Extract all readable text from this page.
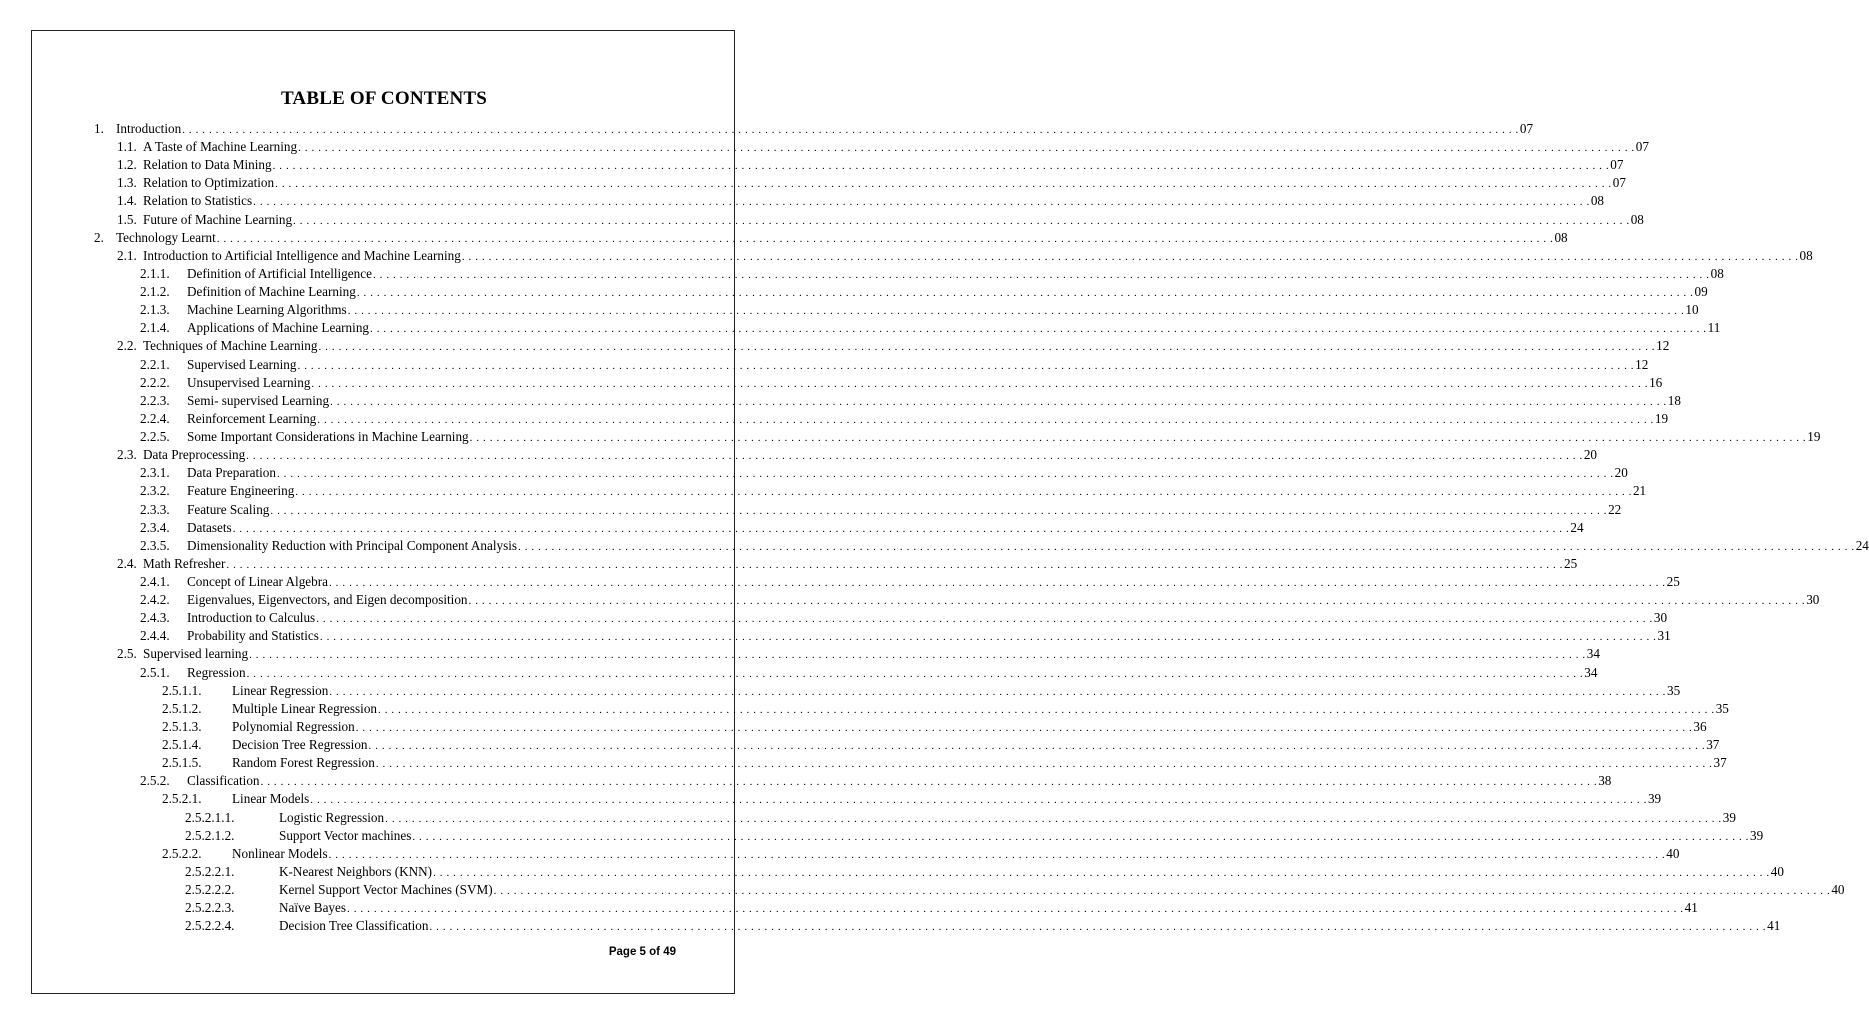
TABLE OF CONTENTS
1. Introduction . . . . . . . . . . . . . . . . . . . . . . . . . . . . . . . . . . . . . . . . . . . . . . . . . . . . . . . . . . . . . . . . . . . . . . . . . . . . . . . . . . . . . . . . . . . . . . . . . . . . . . . . . . . . . . . . . . . . . . . . . . . . . . . . . . . . . . . . . . . . . . . . . . . . . . . . . . . . . . . . . . . . . . . . . . . . . . . . . . . . . . . . . . . . . . . . . . . . . . . . 07
1.1. A Taste of Machine Learning . . . . . . . . . . . . . . . . . . . . . . . . . . . . . . . . . . . . . . . . . . . . . . . . . . . . . . . . . . . . . . . . . . . . . . . . . . . . . . . . . . . . . . . . . . . . . . . . . . . . . . . . . . . . . . . . . . . . . . . . . . . . . . . . . . . . . . . . . . . . . . . . . . . . . . . . . . . . . . . . . . . . . . . . . . . . . . . . . . . . . . . . . . . . . . . . . . . . . . . . 07
1.2. Relation to Data Mining . . . . . . . . . . . . . . . . . . . . . . . . . . . . . . . . . . . . . . . . . . . . . . . . . . . . . . . . . . . . . . . . . . . . . . . . . . . . . . . . . . . . . . . . . . . . . . . . . . . . . . . . . . . . . . . . . . . . . . . . . . . . . . . . . . . . . . . . . . . . . . . . . . . . . . . . . . . . . . . . . . . . . . . . . . . . . . . . . . . . . . . . . . . . . . . . . . . . . . . . 07
1.3. Relation to Optimization . . . . . . . . . . . . . . . . . . . . . . . . . . . . . . . . . . . . . . . . . . . . . . . . . . . . . . . . . . . . . . . . . . . . . . . . . . . . . . . . . . . . . . . . . . . . . . . . . . . . . . . . . . . . . . . . . . . . . . . . . . . . . . . . . . . . . . . . . . . . . . . . . . . . . . . . . . . . . . . . . . . . . . . . . . . . . . . . . . . . . . . . . . . . . . . . . . . . . . . . 07
1.4. Relation to Statistics . . . . . . . . . . . . . . . . . . . . . . . . . . . . . . . . . . . . . . . . . . . . . . . . . . . . . . . . . . . . . . . . . . . . . . . . . . . . . . . . . . . . . . . . . . . . . . . . . . . . . . . . . . . . . . . . . . . . . . . . . . . . . . . . . . . . . . . . . . . . . . . . . . . . . . . . . . . . . . . . . . . . . . . . . . . . . . . . . . . . . . . . . . . . . . . . . . . . . . . . 08
1.5. Future of Machine Learning . . . . . . . . . . . . . . . . . . . . . . . . . . . . . . . . . . . . . . . . . . . . . . . . . . . . . . . . . . . . . . . . . . . . . . . . . . . . . . . . . . . . . . . . . . . . . . . . . . . . . . . . . . . . . . . . . . . . . . . . . . . . . . . . . . . . . . . . . . . . . . . . . . . . . . . . . . . . . . . . . . . . . . . . . . . . . . . . . . . . . . . . . . . . . . . . . . . . . . . . 08
2. Technology Learnt . . . . . . . . . . . . . . . . . . . . . . . . . . . . . . . . . . . . . . . . . . . . . . . . . . . . . . . . . . . . . . . . . . . . . . . . . . . . . . . . . . . . . . . . . . . . . . . . . . . . . . . . . . . . . . . . . . . . . . . . . . . . . . . . . . . . . . . . . . . . . . . . . . . . . . . . . . . . . . . . . . . . . . . . . . . . . . . . . . . . . . . . . . . . . . . . . . . . . . . . 08
2.1. Introduction to Artificial Intelligence and Machine Learning . . . . . . . . . . . . . . . . . . . . . . . . . . . . . . . . . . . . . . . . . . . . . . . . . . . . . . . . . . . . . . . . . . . . . . . . . . . . . . . . . . . . . . . . . . . . . . . . . . . . . . . . . . . . . . . . . . . . . . . . . . . . . . . . . . . . . . . . . . . . . . . . . . . . . . . . . . . . . . . . . . . . . . . . . . . . . . . . . . . . . . . . . . . . . . . . . . . . . . . . 08
2.1.1. Definition of Artificial Intelligence . . . . . . . . . . . . . . . . . . . . . . . . . . . . . . . . . . . . . . . . . . . . . . . . . . . . . . . . . . . . . . . . . . . . . . . . . . . . . . . . . . . . . . . . . . . . . . . . . . . . . . . . . . . . . . . . . . . . . . . . . . . . . . . . . . . . . . . . . . . . . . . . . . . . . . . . . . . . . . . . . . . . . . . . . . . . . . . . . . . . . . . . . . . . . . . . . . . . . . . . 08
2.1.2. Definition of Machine Learning . . . . . . . . . . . . . . . . . . . . . . . . . . . . . . . . . . . . . . . . . . . . . . . . . . . . . . . . . . . . . . . . . . . . . . . . . . . . . . . . . . . . . . . . . . . . . . . . . . . . . . . . . . . . . . . . . . . . . . . . . . . . . . . . . . . . . . . . . . . . . . . . . . . . . . . . . . . . . . . . . . . . . . . . . . . . . . . . . . . . . . . . . . . . . . . . . . . . . . . . 09
2.1.3. Machine Learning Algorithms . . . . . . . . . . . . . . . . . . . . . . . . . . . . . . . . . . . . . . . . . . . . . . . . . . . . . . . . . . . . . . . . . . . . . . . . . . . . . . . . . . . . . . . . . . . . . . . . . . . . . . . . . . . . . . . . . . . . . . . . . . . . . . . . . . . . . . . . . . . . . . . . . . . . . . . . . . . . . . . . . . . . . . . . . . . . . . . . . . . . . . . . . . . . . . . . . . . . . . . . 10
2.1.4. Applications of Machine Learning . . . . . . . . . . . . . . . . . . . . . . . . . . . . . . . . . . . . . . . . . . . . . . . . . . . . . . . . . . . . . . . . . . . . . . . . . . . . . . . . . . . . . . . . . . . . . . . . . . . . . . . . . . . . . . . . . . . . . . . . . . . . . . . . . . . . . . . . . . . . . . . . . . . . . . . . . . . . . . . . . . . . . . . . . . . . . . . . . . . . . . . . . . . . . . . . . . . . . . . . 11
2.2. Techniques of Machine Learning . . . . . . . . . . . . . . . . . . . . . . . . . . . . . . . . . . . . . . . . . . . . . . . . . . . . . . . . . . . . . . . . . . . . . . . . . . . . . . . . . . . . . . . . . . . . . . . . . . . . . . . . . . . . . . . . . . . . . . . . . . . . . . . . . . . . . . . . . . . . . . . . . . . . . . . . . . . . . . . . . . . . . . . . . . . . . . . . . . . . . . . . . . . . . . . . . . . . . . . . 12
2.2.1. Supervised Learning . . . . . . . . . . . . . . . . . . . . . . . . . . . . . . . . . . . . . . . . . . . . . . . . . . . . . . . . . . . . . . . . . . . . . . . . . . . . . . . . . . . . . . . . . . . . . . . . . . . . . . . . . . . . . . . . . . . . . . . . . . . . . . . . . . . . . . . . . . . . . . . . . . . . . . . . . . . . . . . . . . . . . . . . . . . . . . . . . . . . . . . . . . . . . . . . . . . . . . . . 12
2.2.2. Unsupervised Learning . . . . . . . . . . . . . . . . . . . . . . . . . . . . . . . . . . . . . . . . . . . . . . . . . . . . . . . . . . . . . . . . . . . . . . . . . . . . . . . . . . . . . . . . . . . . . . . . . . . . . . . . . . . . . . . . . . . . . . . . . . . . . . . . . . . . . . . . . . . . . . . . . . . . . . . . . . . . . . . . . . . . . . . . . . . . . . . . . . . . . . . . . . . . . . . . . . . . . . . . 16
2.2.3. Semi- supervised Learning . . . . . . . . . . . . . . . . . . . . . . . . . . . . . . . . . . . . . . . . . . . . . . . . . . . . . . . . . . . . . . . . . . . . . . . . . . . . . . . . . . . . . . . . . . . . . . . . . . . . . . . . . . . . . . . . . . . . . . . . . . . . . . . . . . . . . . . . . . . . . . . . . . . . . . . . . . . . . . . . . . . . . . . . . . . . . . . . . . . . . . . . . . . . . . . . . . . . . . . . 18
2.2.4. Reinforcement Learning . . . . . . . . . . . . . . . . . . . . . . . . . . . . . . . . . . . . . . . . . . . . . . . . . . . . . . . . . . . . . . . . . . . . . . . . . . . . . . . . . . . . . . . . . . . . . . . . . . . . . . . . . . . . . . . . . . . . . . . . . . . . . . . . . . . . . . . . . . . . . . . . . . . . . . . . . . . . . . . . . . . . . . . . . . . . . . . . . . . . . . . . . . . . . . . . . . . . . . . . 19
2.2.5. Some Important Considerations in Machine Learning . . . . . . . . . . . . . . . . . . . . . . . . . . . . . . . . . . . . . . . . . . . . . . . . . . . . . . . . . . . . . . . . . . . . . . . . . . . . . . . . . . . . . . . . . . . . . . . . . . . . . . . . . . . . . . . . . . . . . . . . . . . . . . . . . . . . . . . . . . . . . . . . . . . . . . . . . . . . . . . . . . . . . . . . . . . . . . . . . . . . . . . . . . . . . . . . . . . . . . . . 19
2.3. Data Preprocessing . . . . . . . . . . . . . . . . . . . . . . . . . . . . . . . . . . . . . . . . . . . . . . . . . . . . . . . . . . . . . . . . . . . . . . . . . . . . . . . . . . . . . . . . . . . . . . . . . . . . . . . . . . . . . . . . . . . . . . . . . . . . . . . . . . . . . . . . . . . . . . . . . . . . . . . . . . . . . . . . . . . . . . . . . . . . . . . . . . . . . . . . . . . . . . . . . . . . . . . . 20
2.3.1. Data Preparation . . . . . . . . . . . . . . . . . . . . . . . . . . . . . . . . . . . . . . . . . . . . . . . . . . . . . . . . . . . . . . . . . . . . . . . . . . . . . . . . . . . . . . . . . . . . . . . . . . . . . . . . . . . . . . . . . . . . . . . . . . . . . . . . . . . . . . . . . . . . . . . . . . . . . . . . . . . . . . . . . . . . . . . . . . . . . . . . . . . . . . . . . . . . . . . . . . . . . . . . 20
2.3.2. Feature Engineering . . . . . . . . . . . . . . . . . . . . . . . . . . . . . . . . . . . . . . . . . . . . . . . . . . . . . . . . . . . . . . . . . . . . . . . . . . . . . . . . . . . . . . . . . . . . . . . . . . . . . . . . . . . . . . . . . . . . . . . . . . . . . . . . . . . . . . . . . . . . . . . . . . . . . . . . . . . . . . . . . . . . . . . . . . . . . . . . . . . . . . . . . . . . . . . . . . . . . . . . 21
2.3.3. Feature Scaling . . . . . . . . . . . . . . . . . . . . . . . . . . . . . . . . . . . . . . . . . . . . . . . . . . . . . . . . . . . . . . . . . . . . . . . . . . . . . . . . . . . . . . . . . . . . . . . . . . . . . . . . . . . . . . . . . . . . . . . . . . . . . . . . . . . . . . . . . . . . . . . . . . . . . . . . . . . . . . . . . . . . . . . . . . . . . . . . . . . . . . . . . . . . . . . . . . . . . . . . 22
2.3.4. Datasets . . . . . . . . . . . . . . . . . . . . . . . . . . . . . . . . . . . . . . . . . . . . . . . . . . . . . . . . . . . . . . . . . . . . . . . . . . . . . . . . . . . . . . . . . . . . . . . . . . . . . . . . . . . . . . . . . . . . . . . . . . . . . . . . . . . . . . . . . . . . . . . . . . . . . . . . . . . . . . . . . . . . . . . . . . . . . . . . . . . . . . . . . . . . . . . . . . . . . . . . 24
2.3.5. Dimensionality Reduction with Principal Component Analysis . . . . . . . . . . . . . . . . . . . . . . . . . . . . . . . . . . . . . . . . . . . . . . . . . . . . . . . . . . . . . . . . . . . . . . . . . . . . . . . . . . . . . . . . . . . . . . . . . . . . . . . . . . . . . . . . . . . . . . . . . . . . . . . . . . . . . . . . . . . . . . . . . . . . . . . . . . . . . . . . . . . . . . . . . . . . . . . . . . . . . . . . . . . . . . . . . . . . . . . . 24
2.4. Math Refresher . . . . . . . . . . . . . . . . . . . . . . . . . . . . . . . . . . . . . . . . . . . . . . . . . . . . . . . . . . . . . . . . . . . . . . . . . . . . . . . . . . . . . . . . . . . . . . . . . . . . . . . . . . . . . . . . . . . . . . . . . . . . . . . . . . . . . . . . . . . . . . . . . . . . . . . . . . . . . . . . . . . . . . . . . . . . . . . . . . . . . . . . . . . . . . . . . . . . . . . . 25
2.4.1. Concept of Linear Algebra . . . . . . . . . . . . . . . . . . . . . . . . . . . . . . . . . . . . . . . . . . . . . . . . . . . . . . . . . . . . . . . . . . . . . . . . . . . . . . . . . . . . . . . . . . . . . . . . . . . . . . . . . . . . . . . . . . . . . . . . . . . . . . . . . . . . . . . . . . . . . . . . . . . . . . . . . . . . . . . . . . . . . . . . . . . . . . . . . . . . . . . . . . . . . . . . . . . . . . . . 25
2.4.2. Eigenvalues, Eigenvectors, and Eigen decomposition . . . . . . . . . . . . . . . . . . . . . . . . . . . . . . . . . . . . . . . . . . . . . . . . . . . . . . . . . . . . . . . . . . . . . . . . . . . . . . . . . . . . . . . . . . . . . . . . . . . . . . . . . . . . . . . . . . . . . . . . . . . . . . . . . . . . . . . . . . . . . . . . . . . . . . . . . . . . . . . . . . . . . . . . . . . . . . . . . . . . . . . . . . . . . . . . . . . . . . . . 30
2.4.3. Introduction to Calculus . . . . . . . . . . . . . . . . . . . . . . . . . . . . . . . . . . . . . . . . . . . . . . . . . . . . . . . . . . . . . . . . . . . . . . . . . . . . . . . . . . . . . . . . . . . . . . . . . . . . . . . . . . . . . . . . . . . . . . . . . . . . . . . . . . . . . . . . . . . . . . . . . . . . . . . . . . . . . . . . . . . . . . . . . . . . . . . . . . . . . . . . . . . . . . . . . . . . . . . . 30
2.4.4. Probability and Statistics . . . . . . . . . . . . . . . . . . . . . . . . . . . . . . . . . . . . . . . . . . . . . . . . . . . . . . . . . . . . . . . . . . . . . . . . . . . . . . . . . . . . . . . . . . . . . . . . . . . . . . . . . . . . . . . . . . . . . . . . . . . . . . . . . . . . . . . . . . . . . . . . . . . . . . . . . . . . . . . . . . . . . . . . . . . . . . . . . . . . . . . . . . . . . . . . . . . . . . . . 31
2.5. Supervised learning . . . . . . . . . . . . . . . . . . . . . . . . . . . . . . . . . . . . . . . . . . . . . . . . . . . . . . . . . . . . . . . . . . . . . . . . . . . . . . . . . . . . . . . . . . . . . . . . . . . . . . . . . . . . . . . . . . . . . . . . . . . . . . . . . . . . . . . . . . . . . . . . . . . . . . . . . . . . . . . . . . . . . . . . . . . . . . . . . . . . . . . . . . . . . . . . . . . . . . . . 34
2.5.1. Regression . . . . . . . . . . . . . . . . . . . . . . . . . . . . . . . . . . . . . . . . . . . . . . . . . . . . . . . . . . . . . . . . . . . . . . . . . . . . . . . . . . . . . . . . . . . . . . . . . . . . . . . . . . . . . . . . . . . . . . . . . . . . . . . . . . . . . . . . . . . . . . . . . . . . . . . . . . . . . . . . . . . . . . . . . . . . . . . . . . . . . . . . . . . . . . . . . . . . . . . . 34
2.5.1.1. Linear Regression . . . . . . . . . . . . . . . . . . . . . . . . . . . . . . . . . . . . . . . . . . . . . . . . . . . . . . . . . . . . . . . . . . . . . . . . . . . . . . . . . . . . . . . . . . . . . . . . . . . . . . . . . . . . . . . . . . . . . . . . . . . . . . . . . . . . . . . . . . . . . . . . . . . . . . . . . . . . . . . . . . . . . . . . . . . . . . . . . . . . . . . . . . . . . . . . . . . . . . . . 35
2.5.1.2. Multiple Linear Regression . . . . . . . . . . . . . . . . . . . . . . . . . . . . . . . . . . . . . . . . . . . . . . . . . . . . . . . . . . . . . . . . . . . . . . . . . . . . . . . . . . . . . . . . . . . . . . . . . . . . . . . . . . . . . . . . . . . . . . . . . . . . . . . . . . . . . . . . . . . . . . . . . . . . . . . . . . . . . . . . . . . . . . . . . . . . . . . . . . . . . . . . . . . . . . . . . . . . . . . . 35
2.5.1.3. Polynomial Regression . . . . . . . . . . . . . . . . . . . . . . . . . . . . . . . . . . . . . . . . . . . . . . . . . . . . . . . . . . . . . . . . . . . . . . . . . . . . . . . . . . . . . . . . . . . . . . . . . . . . . . . . . . . . . . . . . . . . . . . . . . . . . . . . . . . . . . . . . . . . . . . . . . . . . . . . . . . . . . . . . . . . . . . . . . . . . . . . . . . . . . . . . . . . . . . . . . . . . . . . 36
2.5.1.4. Decision Tree Regression . . . . . . . . . . . . . . . . . . . . . . . . . . . . . . . . . . . . . . . . . . . . . . . . . . . . . . . . . . . . . . . . . . . . . . . . . . . . . . . . . . . . . . . . . . . . . . . . . . . . . . . . . . . . . . . . . . . . . . . . . . . . . . . . . . . . . . . . . . . . . . . . . . . . . . . . . . . . . . . . . . . . . . . . . . . . . . . . . . . . . . . . . . . . . . . . . . . . . . . . 37
2.5.1.5. Random Forest Regression . . . . . . . . . . . . . . . . . . . . . . . . . . . . . . . . . . . . . . . . . . . . . . . . . . . . . . . . . . . . . . . . . . . . . . . . . . . . . . . . . . . . . . . . . . . . . . . . . . . . . . . . . . . . . . . . . . . . . . . . . . . . . . . . . . . . . . . . . . . . . . . . . . . . . . . . . . . . . . . . . . . . . . . . . . . . . . . . . . . . . . . . . . . . . . . . . . . . . . . . 37
2.5.2. Classification . . . . . . . . . . . . . . . . . . . . . . . . . . . . . . . . . . . . . . . . . . . . . . . . . . . . . . . . . . . . . . . . . . . . . . . . . . . . . . . . . . . . . . . . . . . . . . . . . . . . . . . . . . . . . . . . . . . . . . . . . . . . . . . . . . . . . . . . . . . . . . . . . . . . . . . . . . . . . . . . . . . . . . . . . . . . . . . . . . . . . . . . . . . . . . . . . . . . . . . . 38
2.5.2.1. Linear Models . . . . . . . . . . . . . . . . . . . . . . . . . . . . . . . . . . . . . . . . . . . . . . . . . . . . . . . . . . . . . . . . . . . . . . . . . . . . . . . . . . . . . . . . . . . . . . . . . . . . . . . . . . . . . . . . . . . . . . . . . . . . . . . . . . . . . . . . . . . . . . . . . . . . . . . . . . . . . . . . . . . . . . . . . . . . . . . . . . . . . . . . . . . . . . . . . . . . . . . . 39
2.5.2.1.1.	Logistic Regression . . . . . . . . . . . . . . . . . . . . . . . . . . . . . . . . . . . . . . . . . . . . . . . . . . . . . . . . . . . . . . . . . . . . . . . . . . . . . . . . . . . . . . . . . . . . . . . . . . . . . . . . . . . . . . . . . . . . . . . . . . . . . . . . . . . . . . . . . . . . . . . . . . . . . . . . . . . . . . . . . . . . . . . . . . . . . . . . . . . . . . . . . . . . . . . . . . . . . . . . 39
2.5.2.1.2.	Support Vector machines . . . . . . . . . . . . . . . . . . . . . . . . . . . . . . . . . . . . . . . . . . . . . . . . . . . . . . . . . . . . . . . . . . . . . . . . . . . . . . . . . . . . . . . . . . . . . . . . . . . . . . . . . . . . . . . . . . . . . . . . . . . . . . . . . . . . . . . . . . . . . . . . . . . . . . . . . . . . . . . . . . . . . . . . . . . . . . . . . . . . . . . . . . . . . . . . . . . . . . . . 39
2.5.2.2. Nonlinear Models . . . . . . . . . . . . . . . . . . . . . . . . . . . . . . . . . . . . . . . . . . . . . . . . . . . . . . . . . . . . . . . . . . . . . . . . . . . . . . . . . . . . . . . . . . . . . . . . . . . . . . . . . . . . . . . . . . . . . . . . . . . . . . . . . . . . . . . . . . . . . . . . . . . . . . . . . . . . . . . . . . . . . . . . . . . . . . . . . . . . . . . . . . . . . . . . . . . . . . . . 40
2.5.2.2.1.	K-Nearest Neighbors (KNN) . . . . . . . . . . . . . . . . . . . . . . . . . . . . . . . . . . . . . . . . . . . . . . . . . . . . . . . . . . . . . . . . . . . . . . . . . . . . . . . . . . . . . . . . . . . . . . . . . . . . . . . . . . . . . . . . . . . . . . . . . . . . . . . . . . . . . . . . . . . . . . . . . . . . . . . . . . . . . . . . . . . . . . . . . . . . . . . . . . . . . . . . . . . . . . . . . . . . . . . . 40
2.5.2.2.2.	Kernel Support Vector Machines (SVM) . . . . . . . . . . . . . . . . . . . . . . . . . . . . . . . . . . . . . . . . . . . . . . . . . . . . . . . . . . . . . . . . . . . . . . . . . . . . . . . . . . . . . . . . . . . . . . . . . . . . . . . . . . . . . . . . . . . . . . . . . . . . . . . . . . . . . . . . . . . . . . . . . . . . . . . . . . . . . . . . . . . . . . . . . . . . . . . . . . . . . . . . . . . . . . . . . . . . . . . . 40
2.5.2.2.3.	Naïve Bayes . . . . . . . . . . . . . . . . . . . . . . . . . . . . . . . . . . . . . . . . . . . . . . . . . . . . . . . . . . . . . . . . . . . . . . . . . . . . . . . . . . . . . . . . . . . . . . . . . . . . . . . . . . . . . . . . . . . . . . . . . . . . . . . . . . . . . . . . . . . . . . . . . . . . . . . . . . . . . . . . . . . . . . . . . . . . . . . . . . . . . . . . . . . . . . . . . . . . . . . . 41
2.5.2.2.4.	Decision Tree Classification . . . . . . . . . . . . . . . . . . . . . . . . . . . . . . . . . . . . . . . . . . . . . . . . . . . . . . . . . . . . . . . . . . . . . . . . . . . . . . . . . . . . . . . . . . . . . . . . . . . . . . . . . . . . . . . . . . . . . . . . . . . . . . . . . . . . . . . . . . . . . . . . . . . . . . . . . . . . . . . . . . . . . . . . . . . . . . . . . . . . . . . . . . . . . . . . . . . . . . . . 41
Page 5 of 49
